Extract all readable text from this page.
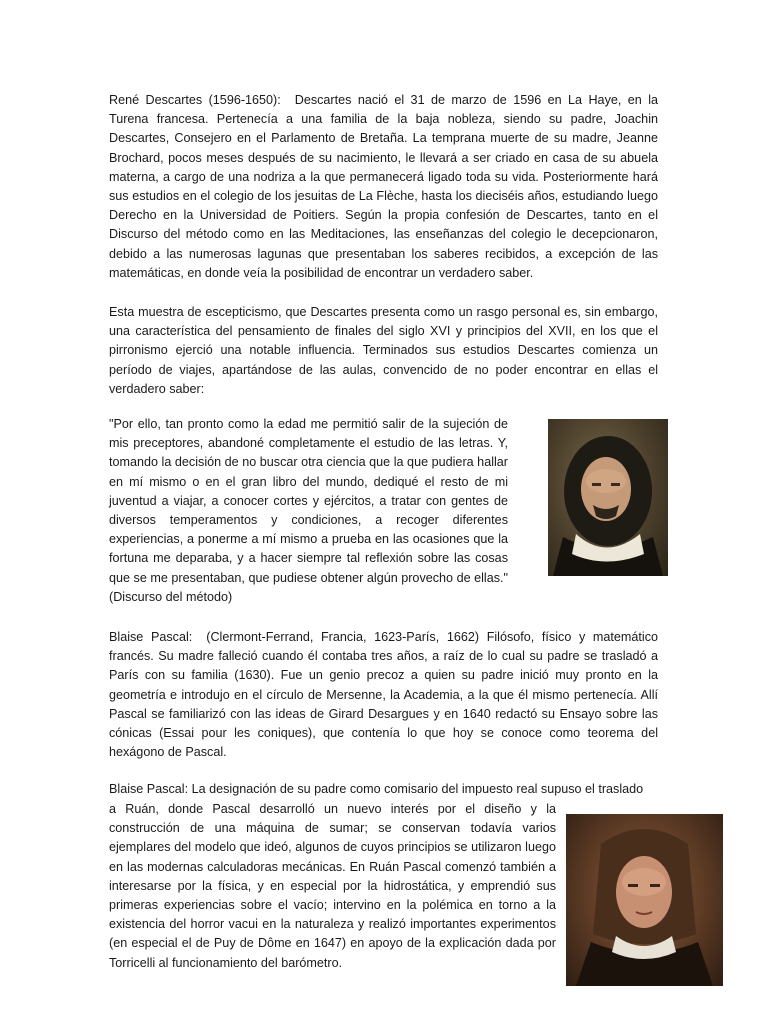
René Descartes (1596-1650): Descartes nació el 31 de marzo de 1596 en La Haye, en la Turena francesa. Pertenecía a una familia de la baja nobleza, siendo su padre, Joachin Descartes, Consejero en el Parlamento de Bretaña. La temprana muerte de su madre, Jeanne Brochard, pocos meses después de su nacimiento, le llevará a ser criado en casa de su abuela materna, a cargo de una nodriza a la que permanecerá ligado toda su vida. Posteriormente hará sus estudios en el colegio de los jesuitas de La Flèche, hasta los dieciséis años, estudiando luego Derecho en la Universidad de Poitiers. Según la propia confesión de Descartes, tanto en el Discurso del método como en las Meditaciones, las enseñanzas del colegio le decepcionaron, debido a las numerosas lagunas que presentaban los saberes recibidos, a excepción de las matemáticas, en donde veía la posibilidad de encontrar un verdadero saber.

Esta muestra de escepticismo, que Descartes presenta como un rasgo personal es, sin embargo, una característica del pensamiento de finales del siglo XVI y principios del XVII, en los que el pirronismo ejerció una notable influencia. Terminados sus estudios Descartes comienza un período de viajes, apartándose de las aulas, convencido de no poder encontrar en ellas el verdadero saber:

"Por ello, tan pronto como la edad me permitió salir de la sujeción de mis preceptores, abandoné completamente el estudio de las letras. Y, tomando la decisión de no buscar otra ciencia que la que pudiera hallar en mí mismo o en el gran libro del mundo, dediqué el resto de mi juventud a viajar, a conocer cortes y ejércitos, a tratar con gentes de diversos temperamentos y condiciones, a recoger diferentes experiencias, a ponerme a mí mismo a prueba en las ocasiones que la fortuna me deparaba, y a hacer siempre tal reflexión sobre las cosas que se me presentaban, que pudiese obtener algún provecho de ellas." (Discurso del método)

Blaise Pascal: (Clermont-Ferrand, Francia, 1623-París, 1662) Filósofo, físico y matemático francés. Su madre falleció cuando él contaba tres años, a raíz de lo cual su padre se trasladó a París con su familia (1630). Fue un genio precoz a quien su padre inició muy pronto en la geometría e introdujo en el círculo de Mersenne, la Academia, a la que él mismo pertenecía. Allí Pascal se familiarizó con las ideas de Girard Desargues y en 1640 redactó su Ensayo sobre las cónicas (Essai pour les coniques), que contenía lo que hoy se conoce como teorema del hexágono de Pascal.

Blaise Pascal: La designación de su padre como comisario del impuesto real supuso el traslado

a Ruán, donde Pascal desarrolló un nuevo interés por el diseño y la construcción de una máquina de sumar; se conservan todavía varios ejemplares del modelo que ideó, algunos de cuyos principios se utilizaron luego en las modernas calculadoras mecánicas. En Ruán Pascal comenzó también a interesarse por la física, y en especial por la hidrostática, y emprendió sus primeras experiencias sobre el vacío; intervino en la polémica en torno a la existencia del horror vacui en la naturaleza y realizó importantes experimentos (en especial el de Puy de Dôme en 1647) en apoyo de la explicación dada por Torricelli al funcionamiento del barómetro.
